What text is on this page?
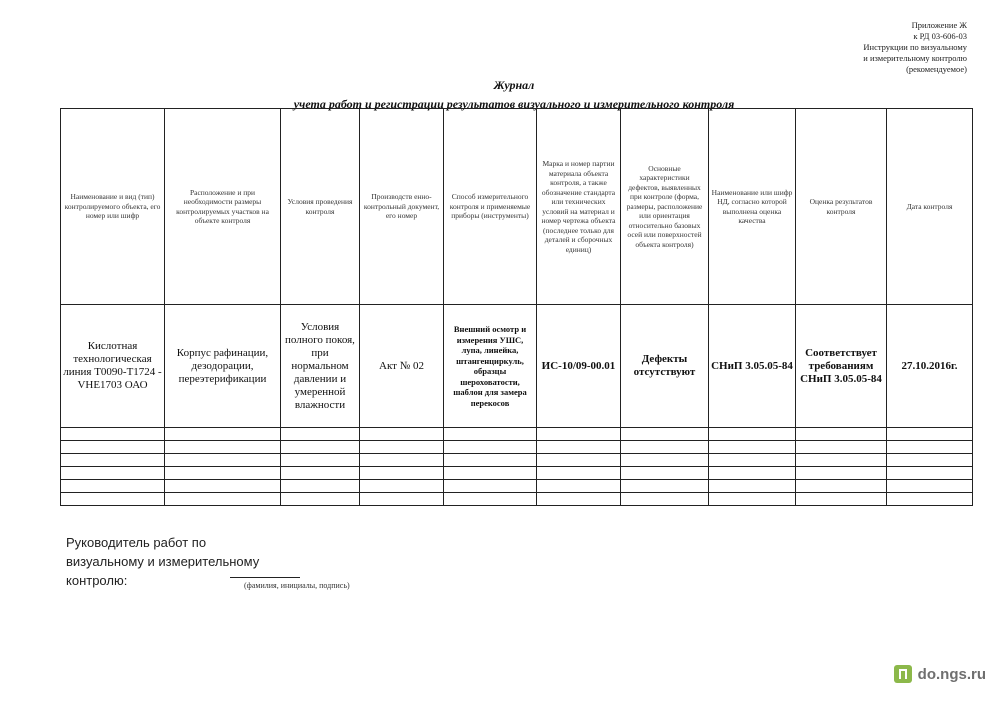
Приложение Ж
к РД 03-606-03
Инструкции по визуальному
и измерительному контролю
(рекомендуемое)
Журнал
учета работ и регистрации результатов визуального и измерительного контроля
Наименование и вид (тип) контролируемого объекта, его номер или шифр	Расположение и при необходимости размеры контролируемых участков на объекте контроля	Условия проведения контроля	Производств енно-контрольный документ, его номер	Способ измерительного контроля и применяемые приборы (инструменты)	Марка и номер партии материала объекта контроля, а также обозначение стандарта или технических условий на материал и номер чертежа объекта (последнее только для деталей и сборочных единиц)	Основные характеристики дефектов, выявленных при контроле (форма, размеры, расположение или ориентация относительно базовых осей или поверхностей объекта контроля)	Наименование или шифр НД, согласно которой выполнена оценка качества	Оценка результатов контроля	Дата контроля
Кислотная технологическая линия Т0090-Т1724 - VHE1703 ОАО	Корпус рафинации, дезодорации, переэтерификации	Условия полного покоя, при нормальном давлении и умеренной влажности	Акт № 02	Внешний осмотр и измерения УШС, лупа, линейка, штангенциркуль, образцы шероховатости, шаблон для замера перекосов	ИС-10/09-00.01	Дефекты отсутствуют	СНиП 3.05.05-84	Соответствует требованиям СНиП 3.05.05-84	27.10.2016г.

Руководитель работ по
визуальному и измерительному
контролю:	(фамилия, инициалы, подпись)
do.ngs.ru
